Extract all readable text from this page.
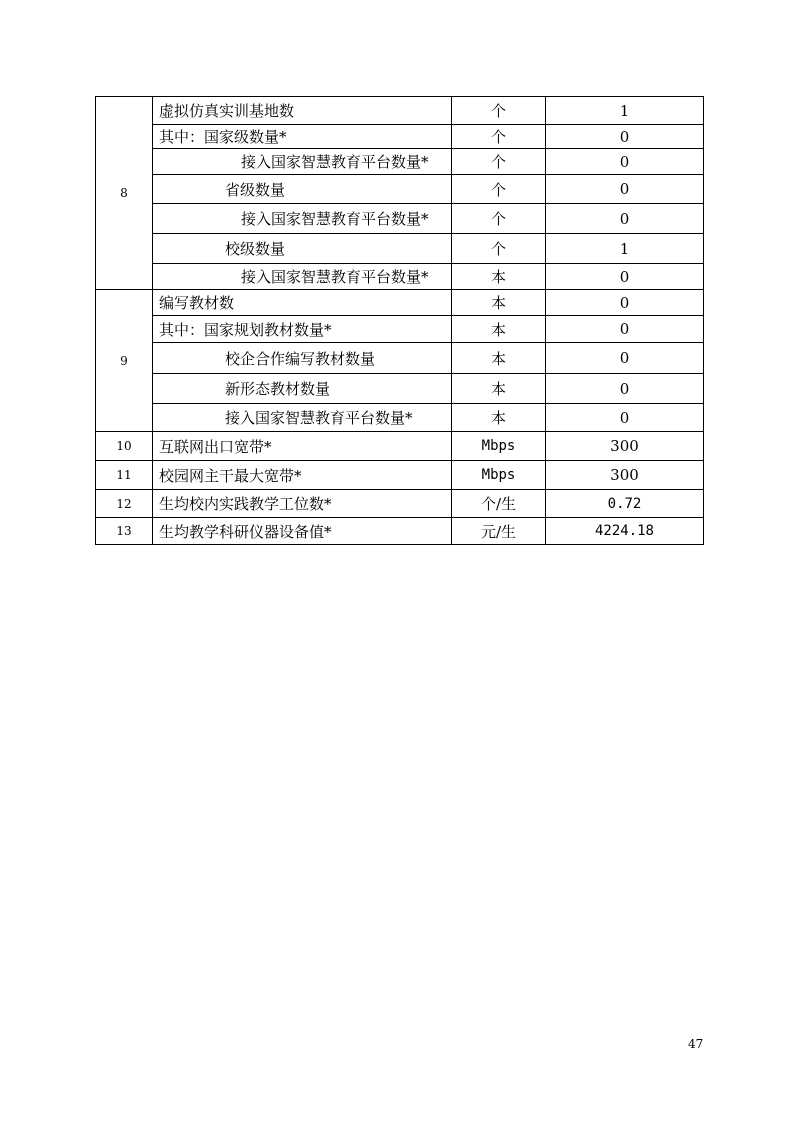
8	虚拟仿真实训基地数	个	1
	其中：国家级数量*	个	0
	接入国家智慧教育平台数量*	个	0
	省级数量	个	0
	接入国家智慧教育平台数量*	个	0
	校级数量	个	1
	接入国家智慧教育平台数量*	本	0
9	编写教材数	本	0
	其中：国家规划教材数量*	本	0
	校企合作编写教材数量	本	0
	新形态教材数量	本	0
	接入国家智慧教育平台数量*	本	0
10	互联网出口宽带*	Mbps	300
11	校园网主干最大宽带*	Mbps	300
12	生均校内实践教学工位数*	个/生	0.72
13	生均教学科研仪器设备值*	元/生	4224.18
47
